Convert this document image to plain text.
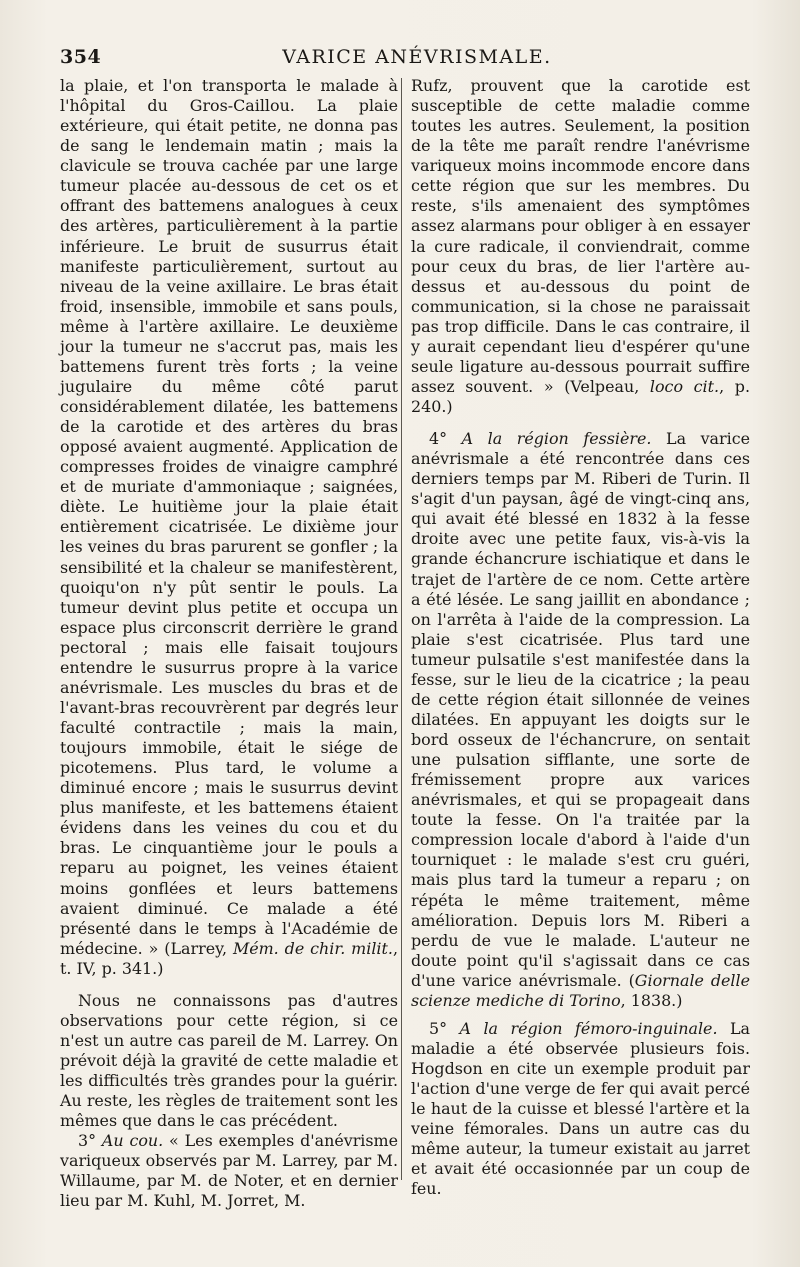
354	VARICE ANÉVRISMALE.

la plaie, et l'on transporta le malade à l'hôpital du Gros-Caillou. La plaie extérieure, qui était petite, ne donna pas de sang le lendemain matin ; mais la clavicule se trouva cachée par une large tumeur placée au-dessous de cet os et offrant des battemens analogues à ceux des artères, particulièrement à la partie inférieure. Le bruit de susurrus était manifeste particulièrement, surtout au niveau de la veine axillaire. Le bras était froid, insensible, immobile et sans pouls, même à l'artère axillaire. Le deuxième jour la tumeur ne s'accrut pas, mais les battemens furent très forts ; la veine jugulaire du même côté parut considérablement dilatée, les battemens de la carotide et des artères du bras opposé avaient augmenté. Application de compresses froides de vinaigre camphré et de muriate d'ammoniaque ; saignées, diète. Le huitième jour la plaie était entièrement cicatrisée. Le dixième jour les veines du bras parurent se gonfler ; la sensibilité et la chaleur se manifestèrent, quoiqu'on n'y pût sentir le pouls. La tumeur devint plus petite et occupa un espace plus circonscrit derrière le grand pectoral ; mais elle faisait toujours entendre le susurrus propre à la varice anévrismale. Les muscles du bras et de l'avant-bras recouvrèrent par degrés leur faculté contractile ; mais la main, toujours immobile, était le siége de picotemens. Plus tard, le volume a diminué encore ; mais le susurrus devint plus manifeste, et les battemens étaient évidens dans les veines du cou et du bras. Le cinquantième jour le pouls a reparu au poignet, les veines étaient moins gonflées et leurs battemens avaient diminué. Ce malade a été présenté dans le temps à l'Académie de médecine. » (Larrey, Mém. de chir. milit., t. IV, p. 341.)

Nous ne connaissons pas d'autres observations pour cette région, si ce n'est un autre cas pareil de M. Larrey. On prévoit déjà la gravité de cette maladie et les difficultés très grandes pour la guérir. Au reste, les règles de traitement sont les mêmes que dans le cas précédent.

3° Au cou. « Les exemples d'anévrisme variqueux observés par M. Larrey, par M. Willaume, par M. de Noter, et en dernier lieu par M. Kuhl, M. Jorret, M.

Rufz, prouvent que la carotide est susceptible de cette maladie comme toutes les autres. Seulement, la position de la tête me paraît rendre l'anévrisme variqueux moins incommode encore dans cette région que sur les membres. Du reste, s'ils amenaient des symptômes assez alarmans pour obliger à en essayer la cure radicale, il conviendrait, comme pour ceux du bras, de lier l'artère au-dessus et au-dessous du point de communication, si la chose ne paraissait pas trop difficile. Dans le cas contraire, il y aurait cependant lieu d'espérer qu'une seule ligature au-dessous pourrait suffire assez souvent. » (Velpeau, loco cit., p. 240.)

4° A la région fessière. La varice anévrismale a été rencontrée dans ces derniers temps par M. Riberi de Turin. Il s'agit d'un paysan, âgé de vingt-cinq ans, qui avait été blessé en 1832 à la fesse droite avec une petite faux, vis-à-vis la grande échancrure ischiatique et dans le trajet de l'artère de ce nom. Cette artère a été lésée. Le sang jaillit en abondance ; on l'arrêta à l'aide de la compression. La plaie s'est cicatrisée. Plus tard une tumeur pulsatile s'est manifestée dans la fesse, sur le lieu de la cicatrice ; la peau de cette région était sillonnée de veines dilatées. En appuyant les doigts sur le bord osseux de l'échancrure, on sentait une pulsation sifflante, une sorte de frémissement propre aux varices anévrismales, et qui se propageait dans toute la fesse. On l'a traitée par la compression locale d'abord à l'aide d'un tourniquet : le malade s'est cru guéri, mais plus tard la tumeur a reparu ; on répéta le même traitement, même amélioration. Depuis lors M. Riberi a perdu de vue le malade. L'auteur ne doute point qu'il s'agissait dans ce cas d'une varice anévrismale. (Giornale delle scienze mediche di Torino, 1838.)

5° A la région fémoro-inguinale. La maladie a été observée plusieurs fois. Hogdson en cite un exemple produit par l'action d'une verge de fer qui avait percé le haut de la cuisse et blessé l'artère et la veine fémorales. Dans un autre cas du même auteur, la tumeur existait au jarret et avait été occasionnée par un coup de feu.
